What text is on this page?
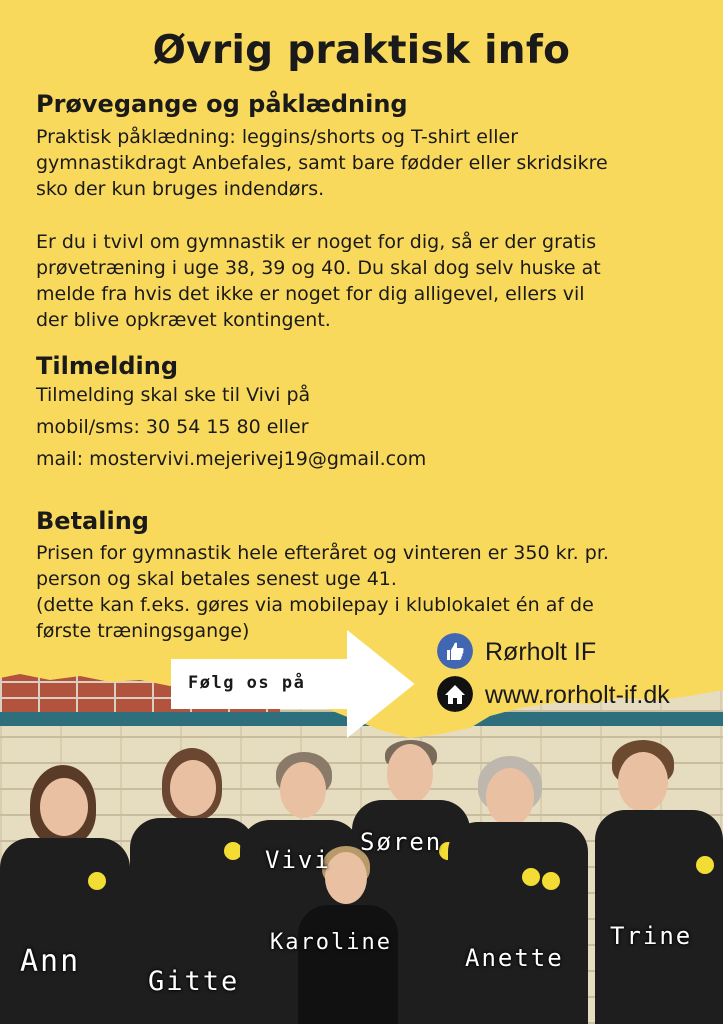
Øvrig praktisk info
Prøvegange og påklædning
Praktisk påklædning: leggins/shorts og T-shirt eller
gymnastikdragt Anbefales, samt bare fødder eller skridsikre
sko der kun bruges indendørs.
Er du i tvivl om gymnastik er noget for dig, så er der gratis
prøvetræning i uge 38, 39 og 40. Du skal dog selv huske at
melde fra hvis det ikke er noget for dig alligevel, ellers vil
der blive opkrævet kontingent.
Tilmelding
Tilmelding skal ske til Vivi på
mobil/sms: 30 54 15 80 eller
mail: mostervivi.mejerivej19@gmail.com
Betaling
Prisen for gymnastik hele efteråret og vinteren er 350 kr. pr.
person og skal betales senest uge 41.
(dette kan f.eks. gøres via mobilepay i klublokalet én af de
første træningsgange)
Ann
Gitte
Vivi
Karoline
Søren
Anette
Trine
Følg os på
Rørholt IF
www.rorholt-if.dk
